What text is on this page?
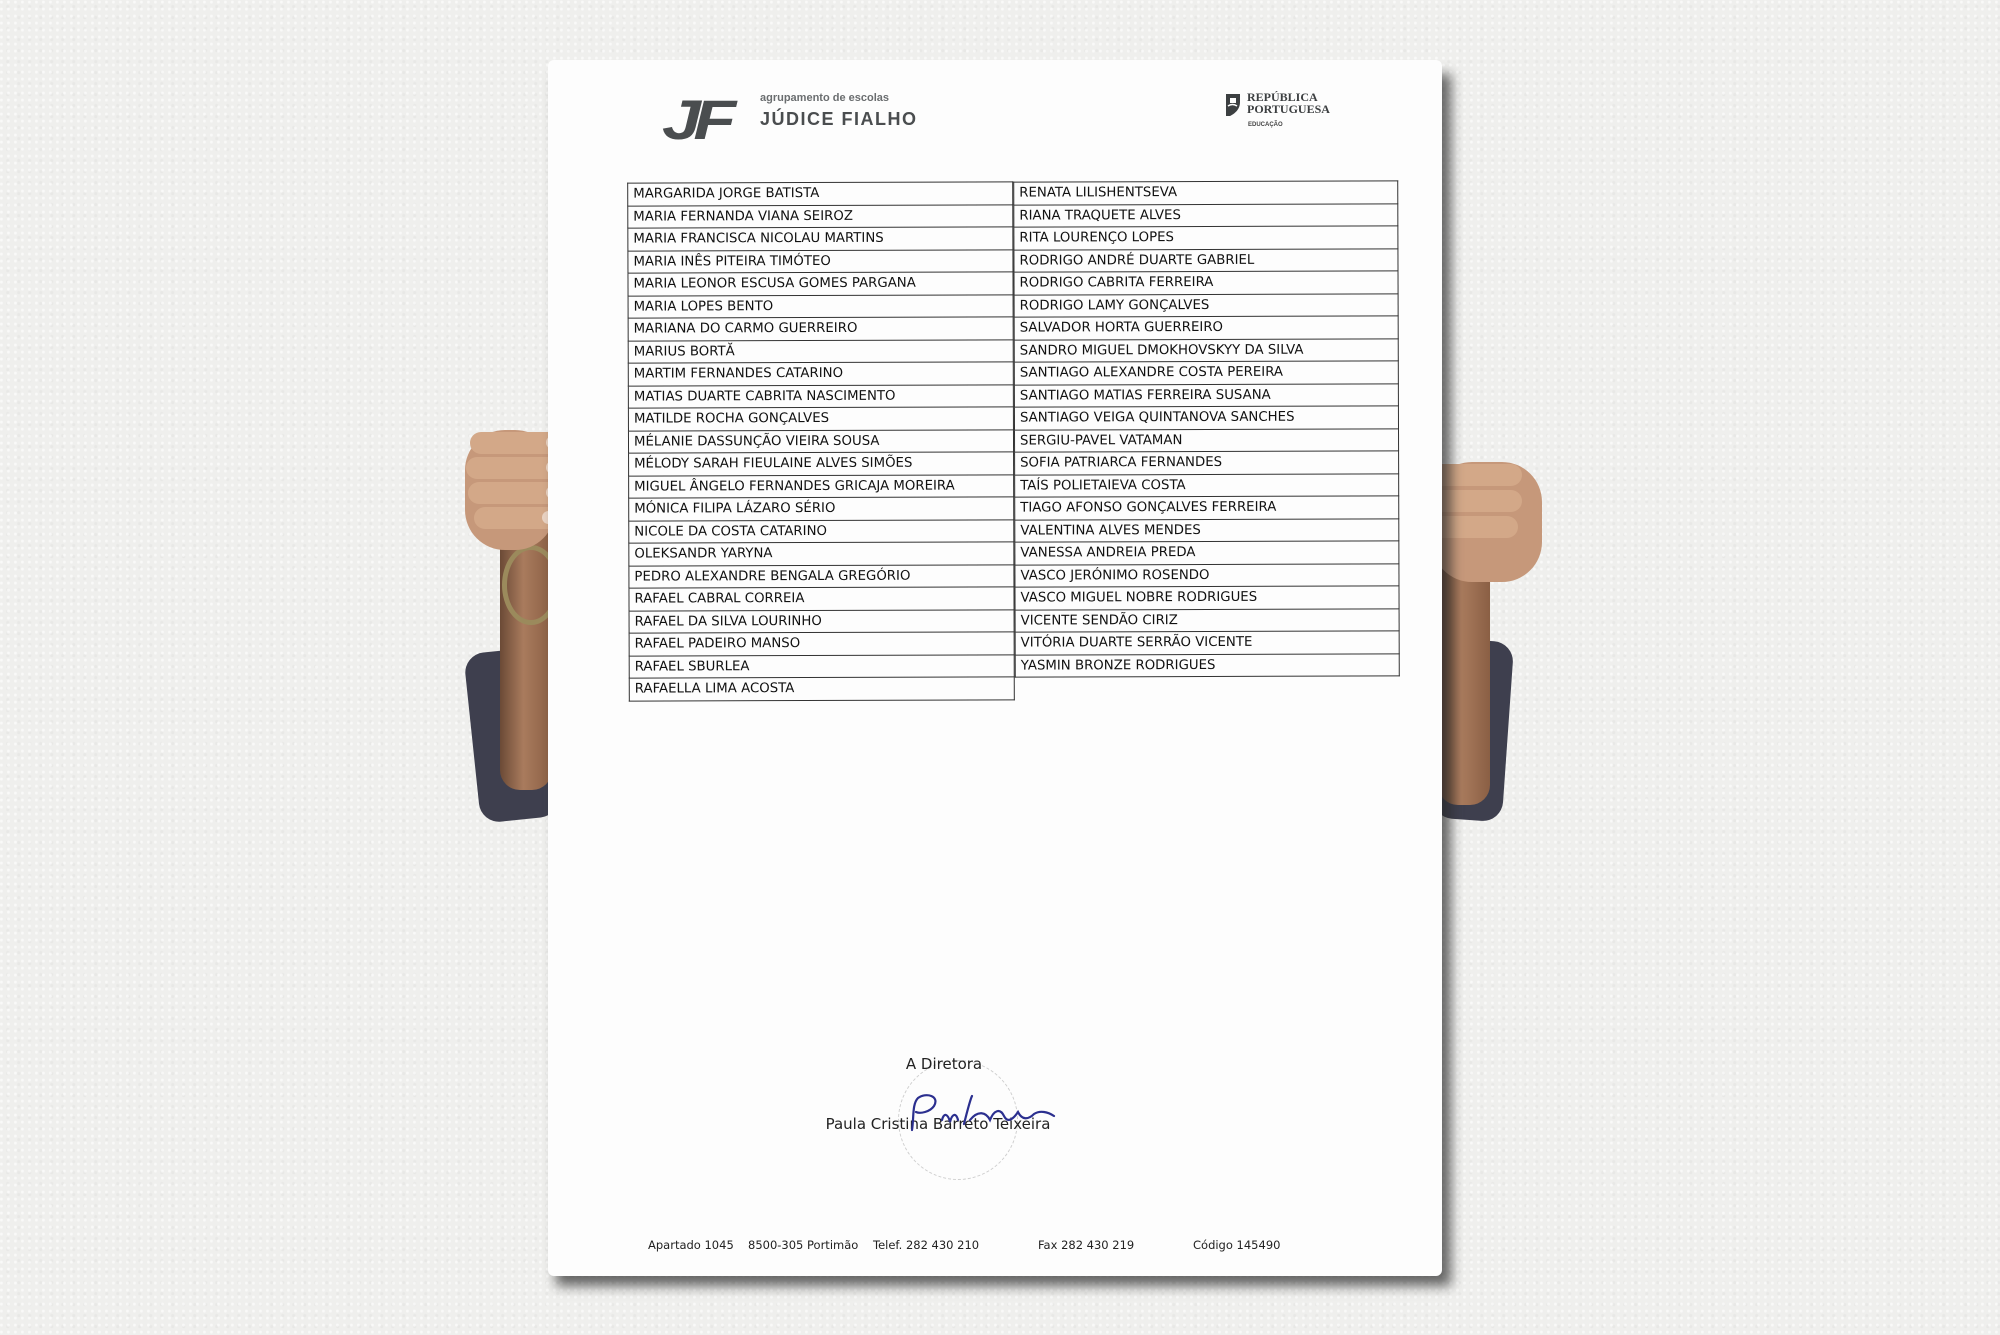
JF	agrupamento de escolas
JÚDICE FIALHO
REPÚBLICA
PORTUGUESA
EDUCAÇÃO
MARGARIDA JORGE BATISTA
MARIA FERNANDA VIANA SEIROZ
MARIA FRANCISCA NICOLAU MARTINS
MARIA INÊS PITEIRA TIMÓTEO
MARIA LEONOR ESCUSA GOMES PARGANA
MARIA LOPES BENTO
MARIANA DO CARMO GUERREIRO
MARIUS BORTĂ
MARTIM FERNANDES CATARINO
MATIAS DUARTE CABRITA NASCIMENTO
MATILDE ROCHA GONÇALVES
MÉLANIE DASSUNÇÃO VIEIRA SOUSA
MÉLODY SARAH FIEULAINE ALVES SIMÕES
MIGUEL ÂNGELO FERNANDES GRICAJA MOREIRA
MÓNICA FILIPA LÁZARO SÉRIO
NICOLE DA COSTA CATARINO
OLEKSANDR YARYNA
PEDRO ALEXANDRE BENGALA GREGÓRIO
RAFAEL CABRAL CORREIA
RAFAEL DA SILVA LOURINHO
RAFAEL PADEIRO MANSO
RAFAEL SBURLEA
RAFAELLA LIMA ACOSTA
RENATA LILISHENTSEVA
RIANA TRAQUETE ALVES
RITA LOURENÇO LOPES
RODRIGO ANDRÉ DUARTE GABRIEL
RODRIGO CABRITA FERREIRA
RODRIGO LAMY GONÇALVES
SALVADOR HORTA GUERREIRO
SANDRO MIGUEL DMOKHOVSKYY DA SILVA
SANTIAGO ALEXANDRE COSTA PEREIRA
SANTIAGO MATIAS FERREIRA SUSANA
SANTIAGO VEIGA QUINTANOVA SANCHES
SERGIU-PAVEL VATAMAN
SOFIA PATRIARCA FERNANDES
TAÍS POLIETAIEVA COSTA
TIAGO AFONSO GONÇALVES FERREIRA
VALENTINA ALVES MENDES
VANESSA ANDREIA PREDA
VASCO JERÓNIMO ROSENDO
VASCO MIGUEL NOBRE RODRIGUES
VICENTE SENDÃO CIRIZ
VITÓRIA DUARTE SERRÃO VICENTE
YASMIN BRONZE RODRIGUES
A Diretora
Paula Cristina Barreto Teixeira
Apartado 1045 8500-305 Portimão Telef. 282 430 210	Fax 282 430 219	Código 145490
